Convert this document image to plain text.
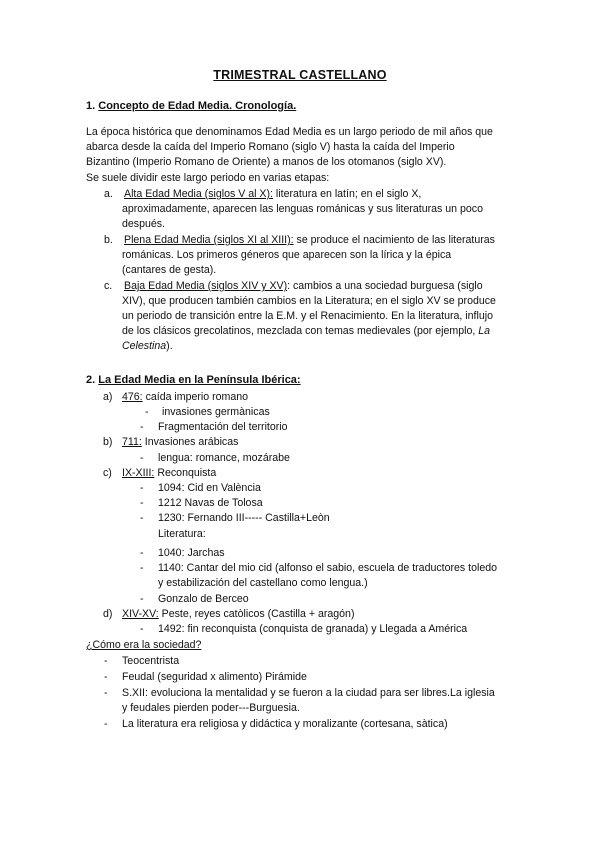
TRIMESTRAL CASTELLANO
1. Concepto de Edad Media. Cronología.
La época histórica que denominamos Edad Media es un largo periodo de mil años que
abarca desde la caída del Imperio Romano (siglo V) hasta la caída del Imperio
Bizantino (Imperio Romano de Oriente) a manos de los otomanos (siglo XV).
Se suele dividir este largo periodo en varias etapas:
a. Alta Edad Media (siglos V al X): literatura en latín; en el siglo X,
aproximadamente, aparecen las lenguas románicas y sus literaturas un poco
después.
b. Plena Edad Media (siglos XI al XIII): se produce el nacimiento de las literaturas
románicas. Los primeros géneros que aparecen son la lírica y la épica
(cantares de gesta).
c. Baja Edad Media (siglos XIV y XV): cambios a una sociedad burguesa (siglo
XIV), que producen también cambios en la Literatura; en el siglo XV se produce
un periodo de transición entre la E.M. y el Renacimiento. En la literatura, influjo
de los clásicos grecolatinos, mezclada con temas medievales (por ejemplo, La
Celestina).
2. La Edad Media en la Península Ibérica:
a) 476: caída imperio romano
- invasiones germànicas
- Fragmentación del territorio
b) 711: Invasiones arábicas
- lengua: romance, mozárabe
c) IX-XIII: Reconquista
- 1094: Cid en València
- 1212 Navas de Tolosa
- 1230: Fernando III----- Castilla+Leòn
Literatura:
- 1040: Jarchas
- 1140: Cantar del mio cid (alfonso el sabio, escuela de traductores toledo
y estabilización del castellano como lengua.)
- Gonzalo de Berceo
d) XIV-XV: Peste, reyes catòlicos (Castilla + aragón)
- 1492: fin reconquista (conquista de granada) y Llegada a América
¿Cómo era la sociedad?
- Teocentrista
- Feudal (seguridad x alimento) Pirámide
- S.XII: evoluciona la mentalidad y se fueron a la ciudad para ser libres.La iglesia
y feudales pierden poder---Burguesia.
- La literatura era religiosa y didáctica y moralizante (cortesana, sàtica)
